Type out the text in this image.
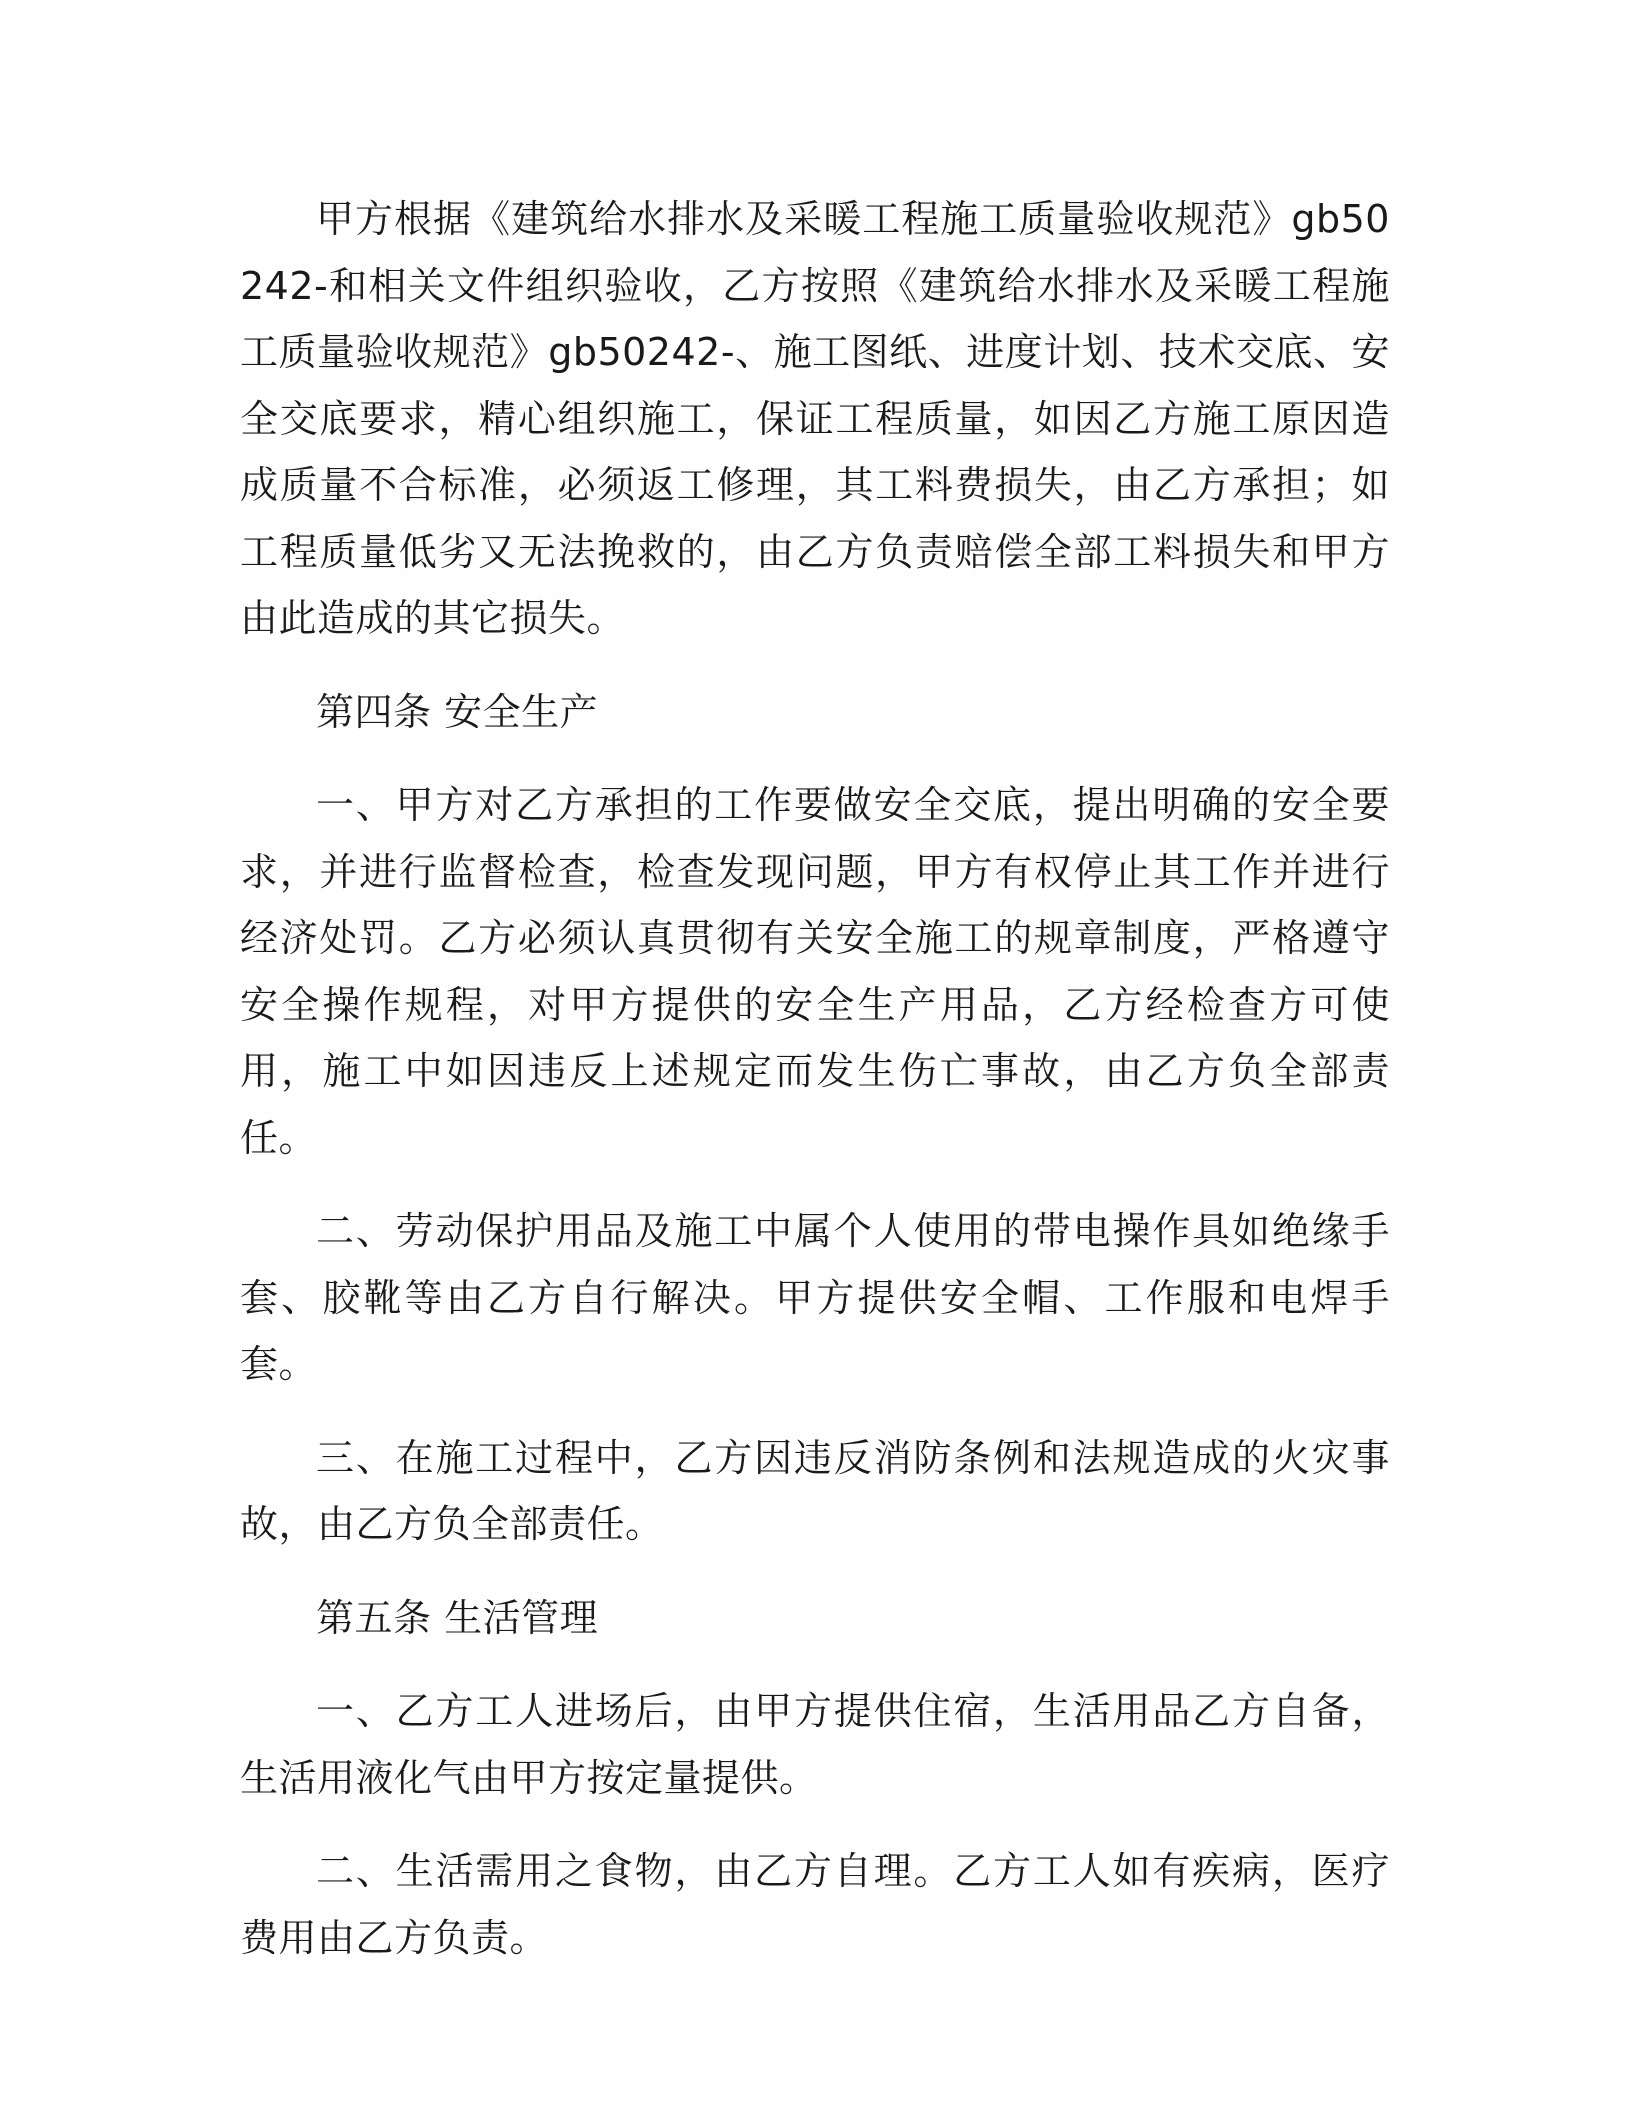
甲方根据《建筑给水排水及采暖工程施工质量验收规范》gb50242-和相关文件组织验收，乙方按照《建筑给水排水及采暖工程施工质量验收规范》gb50242-、施工图纸、进度计划、技术交底、安全交底要求，精心组织施工，保证工程质量，如因乙方施工原因造成质量不合标准，必须返工修理，其工料费损失，由乙方承担；如工程质量低劣又无法挽救的，由乙方负责赔偿全部工料损失和甲方由此造成的其它损失。

第四条 安全生产

一、甲方对乙方承担的工作要做安全交底，提出明确的安全要求，并进行监督检查，检查发现问题，甲方有权停止其工作并进行经济处罚。乙方必须认真贯彻有关安全施工的规章制度，严格遵守安全操作规程，对甲方提供的安全生产用品，乙方经检查方可使用，施工中如因违反上述规定而发生伤亡事故，由乙方负全部责任。

二、劳动保护用品及施工中属个人使用的带电操作具如绝缘手套、胶靴等由乙方自行解决。甲方提供安全帽、工作服和电焊手套。

三、在施工过程中，乙方因违反消防条例和法规造成的火灾事故，由乙方负全部责任。

第五条 生活管理

一、乙方工人进场后，由甲方提供住宿，生活用品乙方自备，生活用液化气由甲方按定量提供。

二、生活需用之食物，由乙方自理。乙方工人如有疾病，医疗费用由乙方负责。
